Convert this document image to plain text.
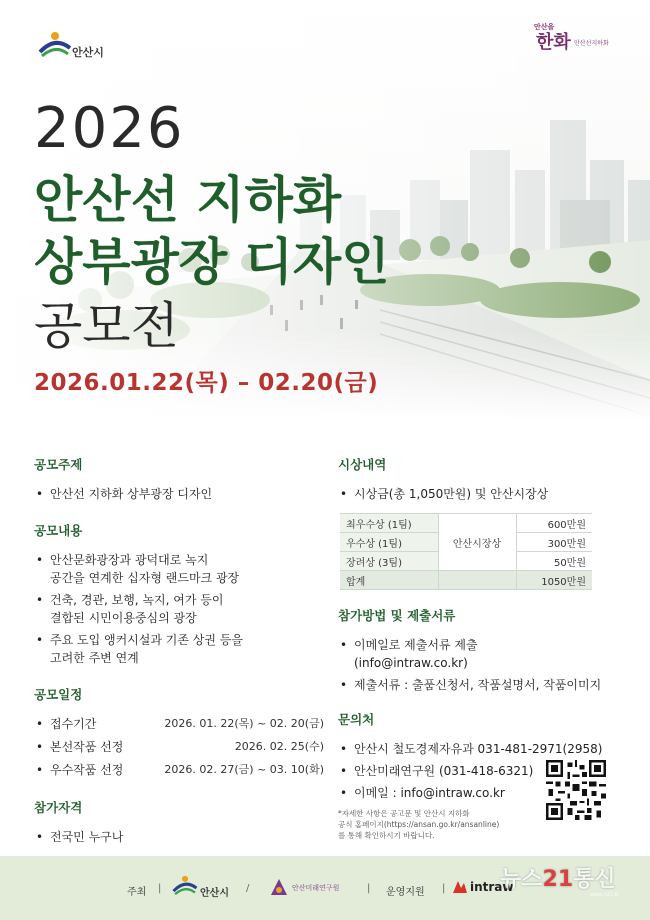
안산시
안산을
한화 안산선지하화
2026
안산선 지하화
상부광장 디자인
공모전
2026.01.22(목) – 02.20(금)
공모주제
• 안산선 지하화 상부광장 디자인
공모내용
• 안산문화광장과 광덕대로 녹지
공간을 연계한 십자형 랜드마크 광장
• 건축, 경관, 보행, 녹지, 여가 등이
결합된 시민이용중심의 광장
• 주요 도입 앵커시설과 기존 상권 등을
고려한 주변 연계
공모일정
• 접수기간	2026. 01. 22(목) ~ 02. 20(금)
• 본선작품 선정	2026. 02. 25(수)
• 우수작품 선정	2026. 02. 27(금) ~ 03. 10(화)
참가자격
• 전국민 누구나
시상내역
• 시상금(총 1,050만원) 및 안산시장상
최우수상 (1팀)	안산시장상	600만원
우수상 (1팀)		300만원
장려상 (3팀)		50만원
합계		1050만원
참가방법 및 제출서류
• 이메일로 제출서류 제출
(info@intraw.co.kr)
• 제출서류 : 출품신청서, 작품설명서, 작품이미지
문의처
• 안산시 철도경제자유과 031-481-2971(2958)
• 안산미래연구원 (031-418-6321)
• 이메일 : info@intraw.co.kr
*자세한 사항은 공고문 및 안산시 지하화
공식 홈페이지(https://ansan.go.kr/ansanline)
를 통해 확인하시기 바랍니다.
주최 |	안산시 /	안산미래연구원	| 운영지원 | intraw
뉴스21통신
www.n21.kr
